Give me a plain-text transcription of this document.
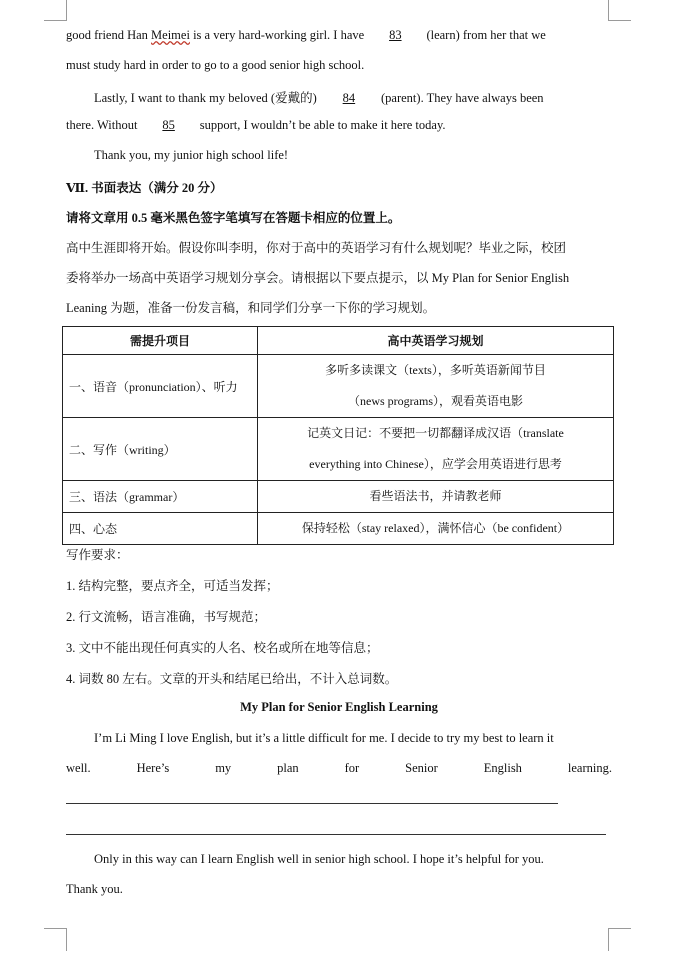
good friend Han Meimei is a very hard-working girl. I have 83 (learn) from her that we
must study hard in order to go to a good senior high school.
Lastly, I want to thank my beloved (爱戴的) 84 (parent). They have always been
there. Without 85 support, I wouldn’t be able to make it here today.
Thank you, my junior high school life!
Ⅶ. 书面表达（满分 20 分）
请将文章用 0.5 毫米黑色签字笔填写在答题卡相应的位置上。
高中生涯即将开始。假设你叫李明，你对于高中的英语学习有什么规划呢？毕业之际，校团
委将举办一场高中英语学习规划分享会。请根据以下要点提示，以 My Plan for Senior English
Leaning 为题，准备一份发言稿，和同学们分享一下你的学习规划。
需提升项目	高中英语学习规划
一、语音（pronunciation）、听力	多听多读课文（texts），多听英语新闻节目
（news programs），观看英语电影

二、写作（writing）	记英文日记：不要把一切都翻译成汉语（translate
everything into Chinese），应学会用英语进行思考

三、语法（grammar）	看些语法书，并请教老师
四、心态	保持轻松（stay relaxed），满怀信心（be confident）
写作要求：
1. 结构完整，要点齐全，可适当发挥；
2. 行文流畅，语言准确，书写规范；
3. 文中不能出现任何真实的人名、校名或所在地等信息；
4. 词数 80 左右。文章的开头和结尾已给出，不计入总词数。
My Plan for Senior English Learning
I’m Li Ming I love English, but it’s a little difficult for me. I decide to try my best to learn it
well.	Here’s	my	plan	for	Senior	English	learning.
Only in this way can I learn English well in senior high school. I hope it’s helpful for you.
Thank you.
